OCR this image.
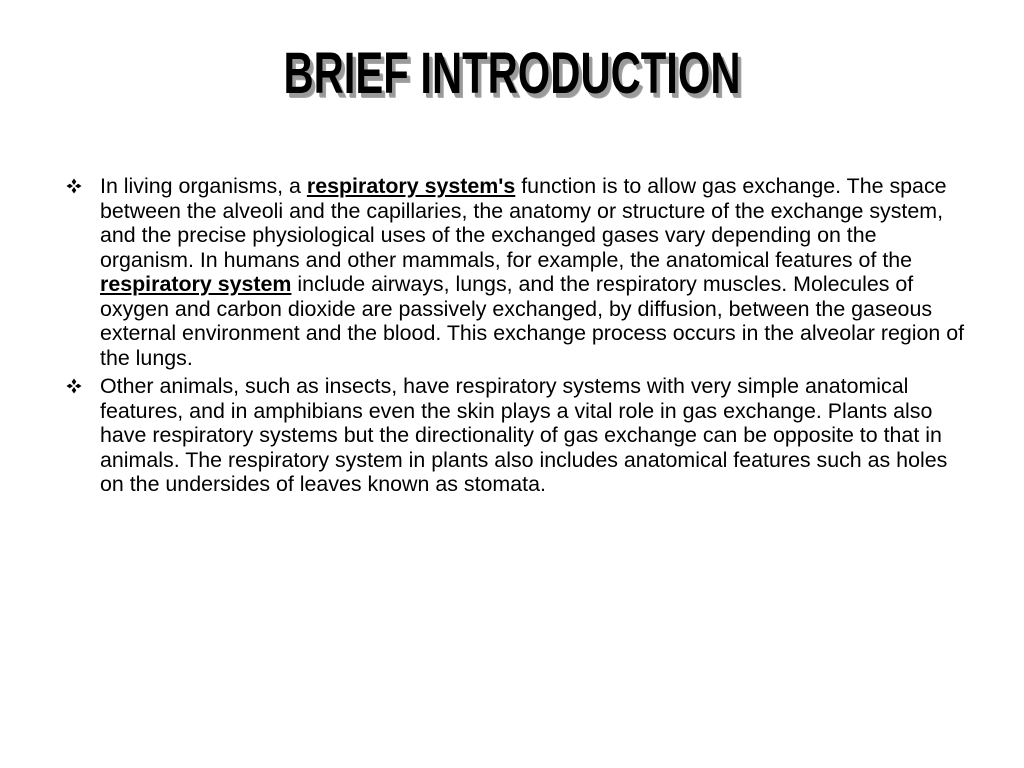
BRIEF INTRODUCTION
In living organisms, a respiratory system's function is to allow gas exchange. The space between the alveoli and the capillaries, the anatomy or structure of the exchange system, and the precise physiological uses of the exchanged gases vary depending on the organism. In humans and other mammals, for example, the anatomical features of the respiratory system include airways, lungs, and the respiratory muscles. Molecules of oxygen and carbon dioxide are passively exchanged, by diffusion, between the gaseous external environment and the blood. This exchange process occurs in the alveolar region of the lungs.
Other animals, such as insects, have respiratory systems with very simple anatomical features, and in amphibians even the skin plays a vital role in gas exchange. Plants also have respiratory systems but the directionality of gas exchange can be opposite to that in animals. The respiratory system in plants also includes anatomical features such as holes on the undersides of leaves known as stomata.
